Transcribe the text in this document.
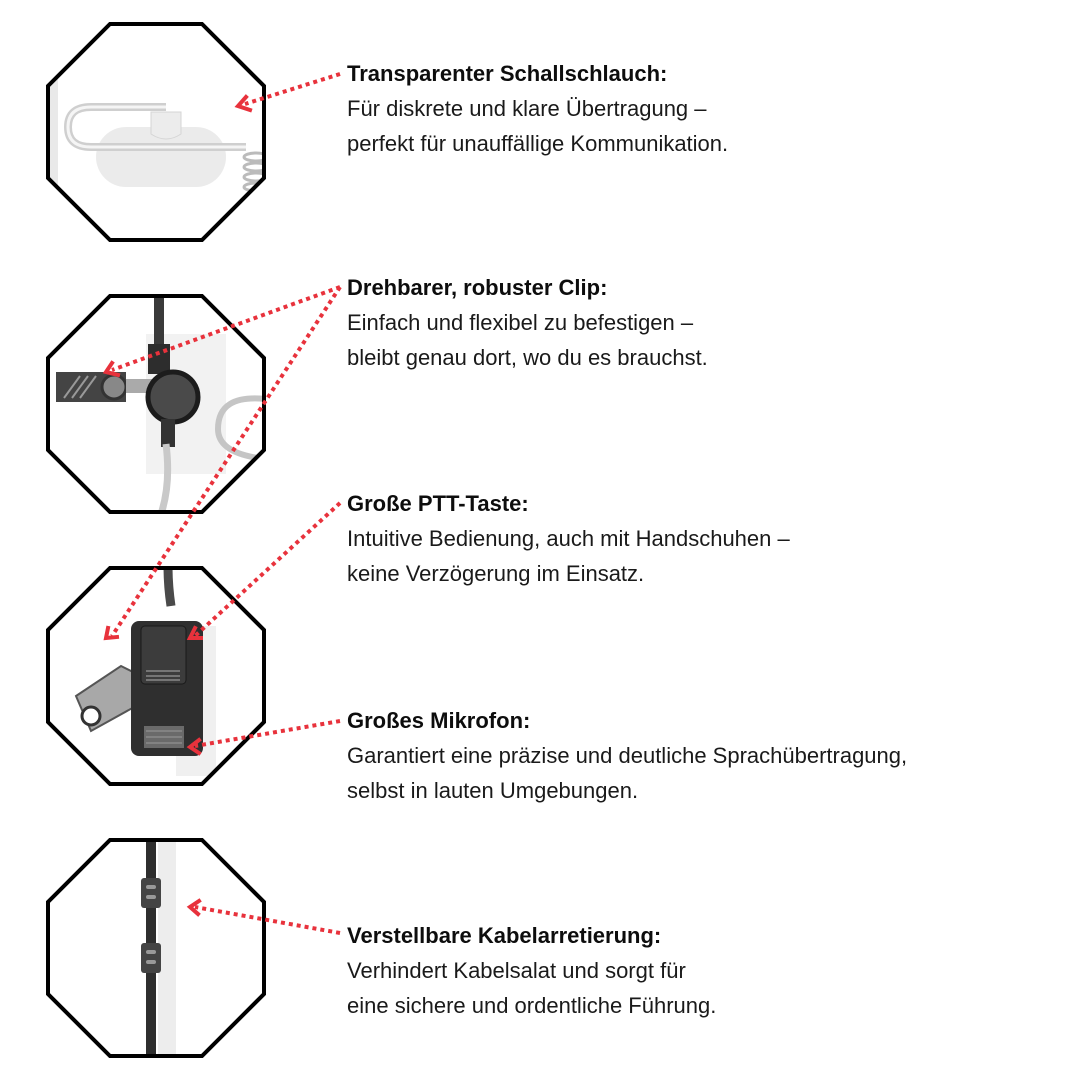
Transparenter Schallschlauch:
Für diskrete und klare Übertragung –
perfekt für unauffällige Kommunikation.
Drehbarer, robuster Clip:
Einfach und flexibel zu befestigen –
bleibt genau dort, wo du es brauchst.
Große PTT-Taste:
Intuitive Bedienung, auch mit Handschuhen –
keine Verzögerung im Einsatz.
Großes Mikrofon:
Garantiert eine präzise und deutliche Sprachübertragung,
selbst in lauten Umgebungen.
Verstellbare Kabelarretierung:
Verhindert Kabelsalat und sorgt für
eine sichere und ordentliche Führung.
